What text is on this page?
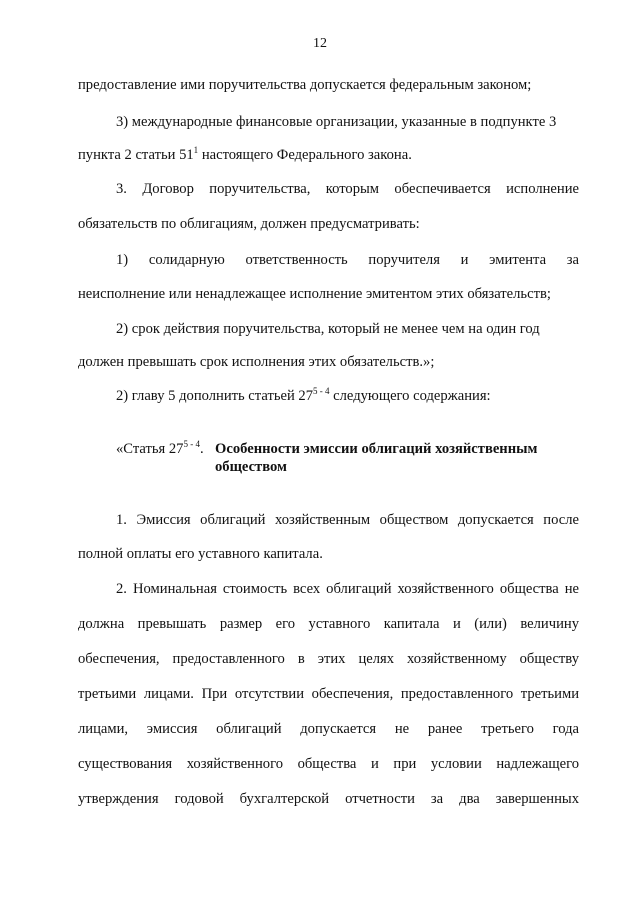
12
предоставление ими поручительства допускается федеральным законом;
3) международные финансовые организации, указанные в подпункте 3
пункта 2 статьи $51^1$ настоящего Федерального закона.
3. Договор поручительства, которым обеспечивается исполнение
обязательств по облигациям, должен предусматривать:
1) солидарную ответственность поручителя и эмитента за
неисполнение или ненадлежащее исполнение эмитентом этих обязательств;
2) срок действия поручительства, который не менее чем на один год
должен превышать срок исполнения этих обязательств.»;
2) главу 5 дополнить статьей 27$^{5 - 4}$ следующего содержания:
«Статья 27$^{5 - 4}$. Особенности эмиссии облигаций хозяйственным обществом
1. Эмиссия облигаций хозяйственным обществом допускается после
полной оплаты его уставного капитала.
2. Номинальная стоимость всех облигаций хозяйственного общества не
должна превышать размер его уставного капитала и (или) величину
обеспечения, предоставленного в этих целях хозяйственному обществу
третьими лицами. При отсутствии обеспечения, предоставленного третьими
лицами, эмиссия облигаций допускается не ранее третьего года
существования хозяйственного общества и при условии надлежащего
утверждения годовой бухгалтерской отчетности за два завершенных
